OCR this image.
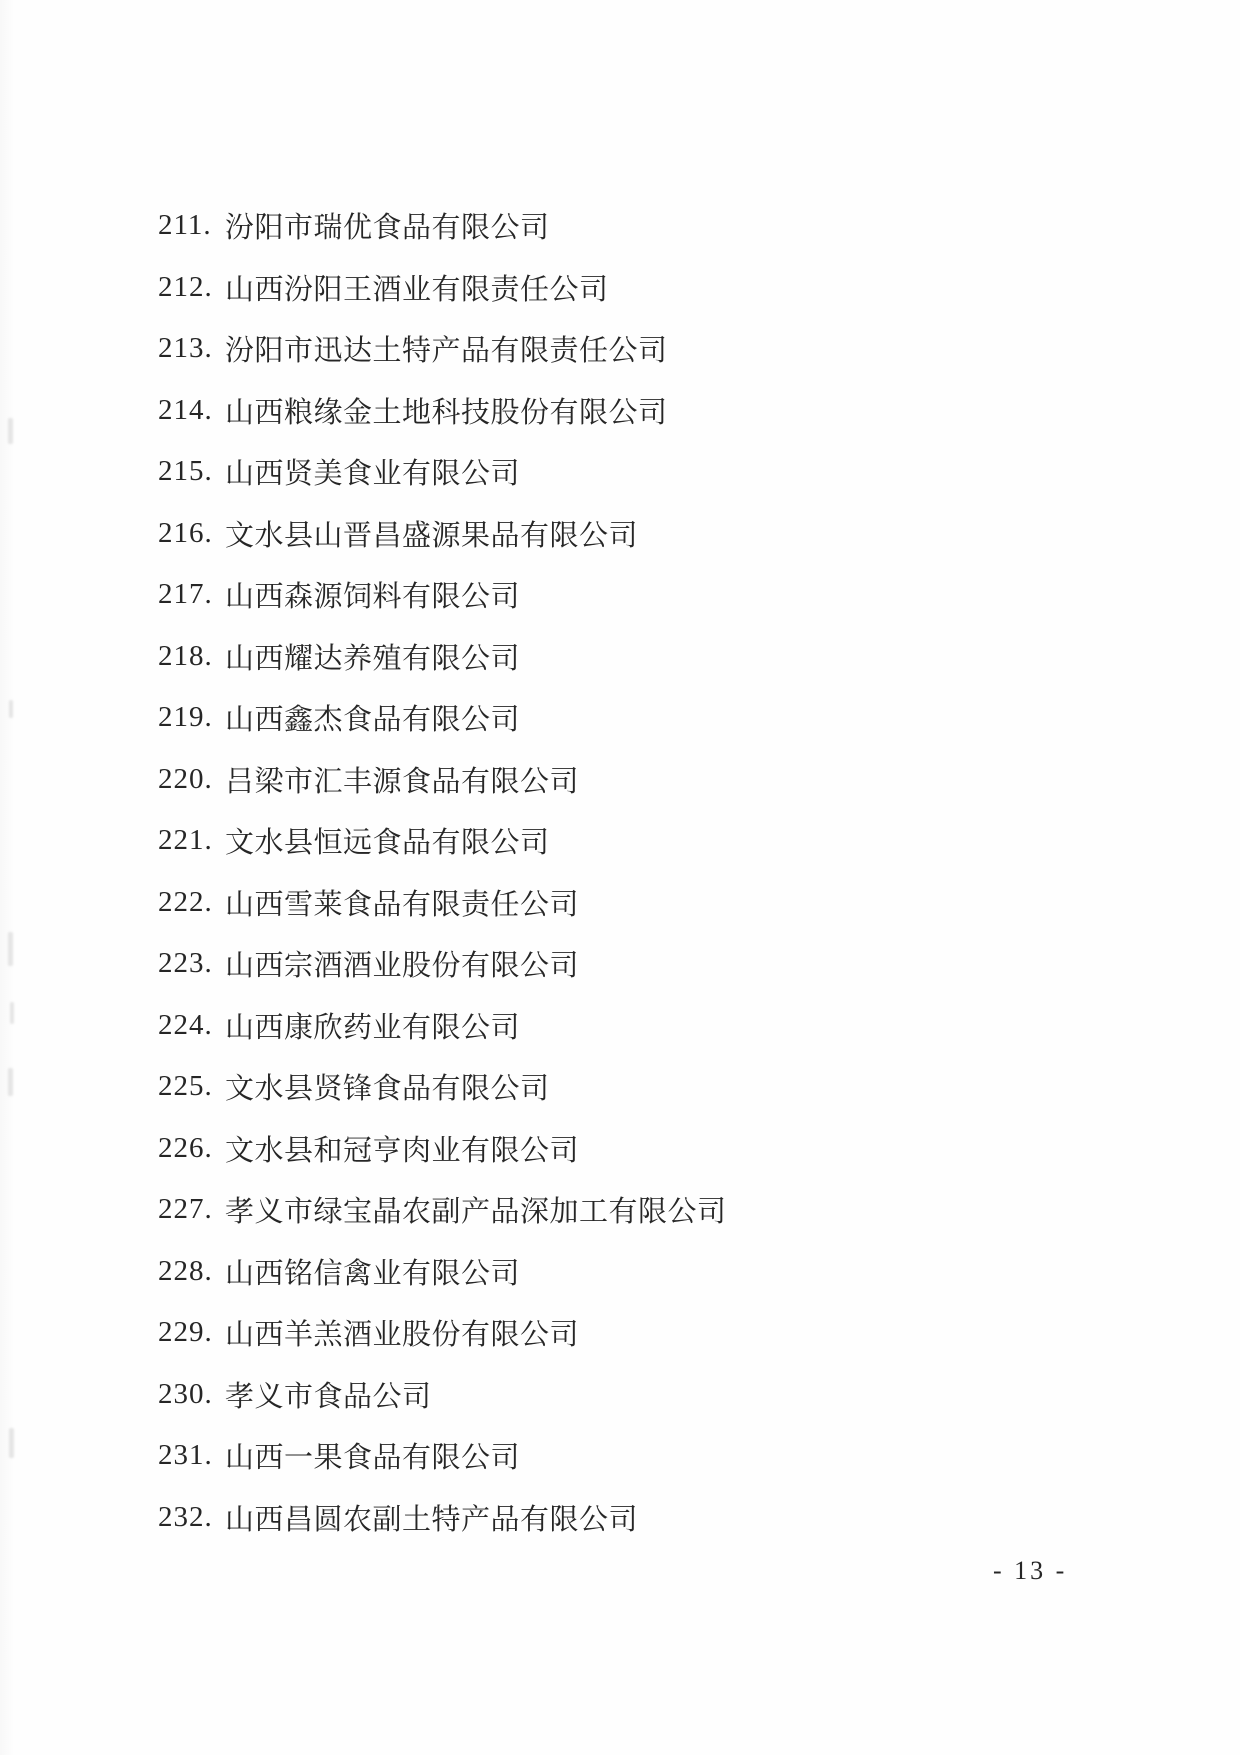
211. 汾阳市瑞优食品有限公司
212. 山西汾阳王酒业有限责任公司
213. 汾阳市迅达土特产品有限责任公司
214. 山西粮缘金土地科技股份有限公司
215. 山西贤美食业有限公司
216. 文水县山晋昌盛源果品有限公司
217. 山西森源饲料有限公司
218. 山西耀达养殖有限公司
219. 山西鑫杰食品有限公司
220. 吕梁市汇丰源食品有限公司
221. 文水县恒远食品有限公司
222. 山西雪莱食品有限责任公司
223. 山西宗酒酒业股份有限公司
224. 山西康欣药业有限公司
225. 文水县贤锋食品有限公司
226. 文水县和冠亨肉业有限公司
227. 孝义市绿宝晶农副产品深加工有限公司
228. 山西铭信禽业有限公司
229. 山西羊羔酒业股份有限公司
230. 孝义市食品公司
231. 山西一果食品有限公司
232. 山西昌圆农副土特产品有限公司
- 13 -
